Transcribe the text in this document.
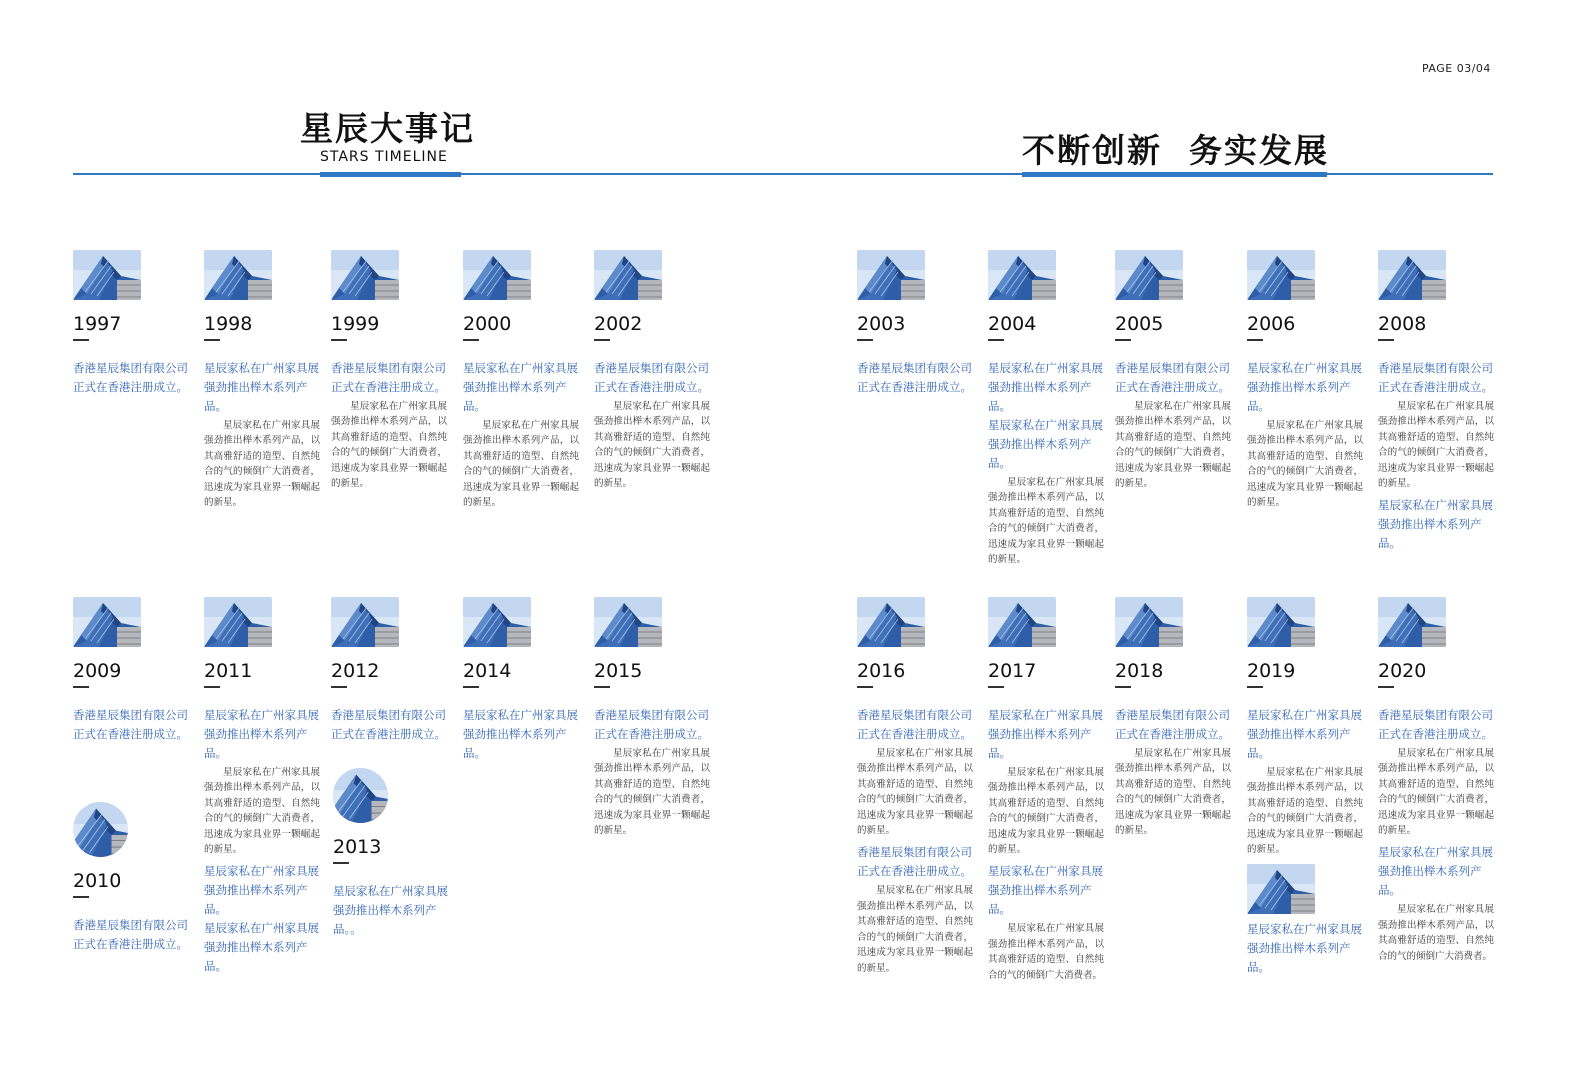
PAGE 03/04
星辰大事记
STARS TIMELINE	不断创新  务实发展
1997
香港星辰集团有限公司正式在香港注册成立。
1998
星辰家私在广州家具展强劲推出榉木系列产品。
星辰家私在广州家具展强劲推出榉木系列产品，以其高雅舒适的造型、自然纯合的气的倾倒广大消费者，迅速成为家具业界一颗崛起的新星。
1999
香港星辰集团有限公司正式在香港注册成立。
星辰家私在广州家具展强劲推出榉木系列产品，以其高雅舒适的造型、自然纯合的气的倾倒广大消费者，迅速成为家具业界一颗崛起的新星。
2000
星辰家私在广州家具展强劲推出榉木系列产品。
星辰家私在广州家具展强劲推出榉木系列产品，以其高雅舒适的造型、自然纯合的气的倾倒广大消费者，迅速成为家具业界一颗崛起的新星。
2002
香港星辰集团有限公司正式在香港注册成立。
星辰家私在广州家具展强劲推出榉木系列产品，以其高雅舒适的造型、自然纯合的气的倾倒广大消费者，迅速成为家具业界一颗崛起的新星。
2003
香港星辰集团有限公司正式在香港注册成立。
2004
星辰家私在广州家具展强劲推出榉木系列产品。
星辰家私在广州家具展强劲推出榉木系列产品。
星辰家私在广州家具展强劲推出榉木系列产品，以其高雅舒适的造型、自然纯合的气的倾倒广大消费者，迅速成为家具业界一颗崛起的新星。
2005
香港星辰集团有限公司正式在香港注册成立。
星辰家私在广州家具展强劲推出榉木系列产品，以其高雅舒适的造型、自然纯合的气的倾倒广大消费者，迅速成为家具业界一颗崛起的新星。
2006
星辰家私在广州家具展强劲推出榉木系列产品。
星辰家私在广州家具展强劲推出榉木系列产品，以其高雅舒适的造型、自然纯合的气的倾倒广大消费者，迅速成为家具业界一颗崛起的新星。
2008
香港星辰集团有限公司正式在香港注册成立。
星辰家私在广州家具展强劲推出榉木系列产品，以其高雅舒适的造型、自然纯合的气的倾倒广大消费者，迅速成为家具业界一颗崛起的新星。
星辰家私在广州家具展强劲推出榉木系列产品。
2009
香港星辰集团有限公司正式在香港注册成立。
2010
香港星辰集团有限公司正式在香港注册成立。
2011
星辰家私在广州家具展强劲推出榉木系列产品。
星辰家私在广州家具展强劲推出榉木系列产品，以其高雅舒适的造型、自然纯合的气的倾倒广大消费者，迅速成为家具业界一颗崛起的新星。
星辰家私在广州家具展强劲推出榉木系列产品。
星辰家私在广州家具展强劲推出榉木系列产品。
2012
香港星辰集团有限公司正式在香港注册成立。
2013
星辰家私在广州家具展强劲推出榉木系列产品。。
2014
星辰家私在广州家具展强劲推出榉木系列产品。
2015
香港星辰集团有限公司正式在香港注册成立。
星辰家私在广州家具展强劲推出榉木系列产品，以其高雅舒适的造型、自然纯合的气的倾倒广大消费者，迅速成为家具业界一颗崛起的新星。
2016
香港星辰集团有限公司正式在香港注册成立。
星辰家私在广州家具展强劲推出榉木系列产品，以其高雅舒适的造型、自然纯合的气的倾倒广大消费者，迅速成为家具业界一颗崛起的新星。
香港星辰集团有限公司正式在香港注册成立。
星辰家私在广州家具展强劲推出榉木系列产品，以其高雅舒适的造型、自然纯合的气的倾倒广大消费者，迅速成为家具业界一颗崛起的新星。
2017
星辰家私在广州家具展强劲推出榉木系列产品。
星辰家私在广州家具展强劲推出榉木系列产品，以其高雅舒适的造型、自然纯合的气的倾倒广大消费者，迅速成为家具业界一颗崛起的新星。
星辰家私在广州家具展强劲推出榉木系列产品。
星辰家私在广州家具展强劲推出榉木系列产品，以其高雅舒适的造型、自然纯合的气的倾倒广大消费者。
2018
香港星辰集团有限公司正式在香港注册成立。
星辰家私在广州家具展强劲推出榉木系列产品，以其高雅舒适的造型、自然纯合的气的倾倒广大消费者，迅速成为家具业界一颗崛起的新星。
2019
星辰家私在广州家具展强劲推出榉木系列产品。
星辰家私在广州家具展强劲推出榉木系列产品，以其高雅舒适的造型、自然纯合的气的倾倒广大消费者，迅速成为家具业界一颗崛起的新星。
星辰家私在广州家具展强劲推出榉木系列产品。
2020
香港星辰集团有限公司正式在香港注册成立。
星辰家私在广州家具展强劲推出榉木系列产品，以其高雅舒适的造型、自然纯合的气的倾倒广大消费者，迅速成为家具业界一颗崛起的新星。
星辰家私在广州家具展强劲推出榉木系列产品。
星辰家私在广州家具展强劲推出榉木系列产品，以其高雅舒适的造型、自然纯合的气的倾倒广大消费者。
